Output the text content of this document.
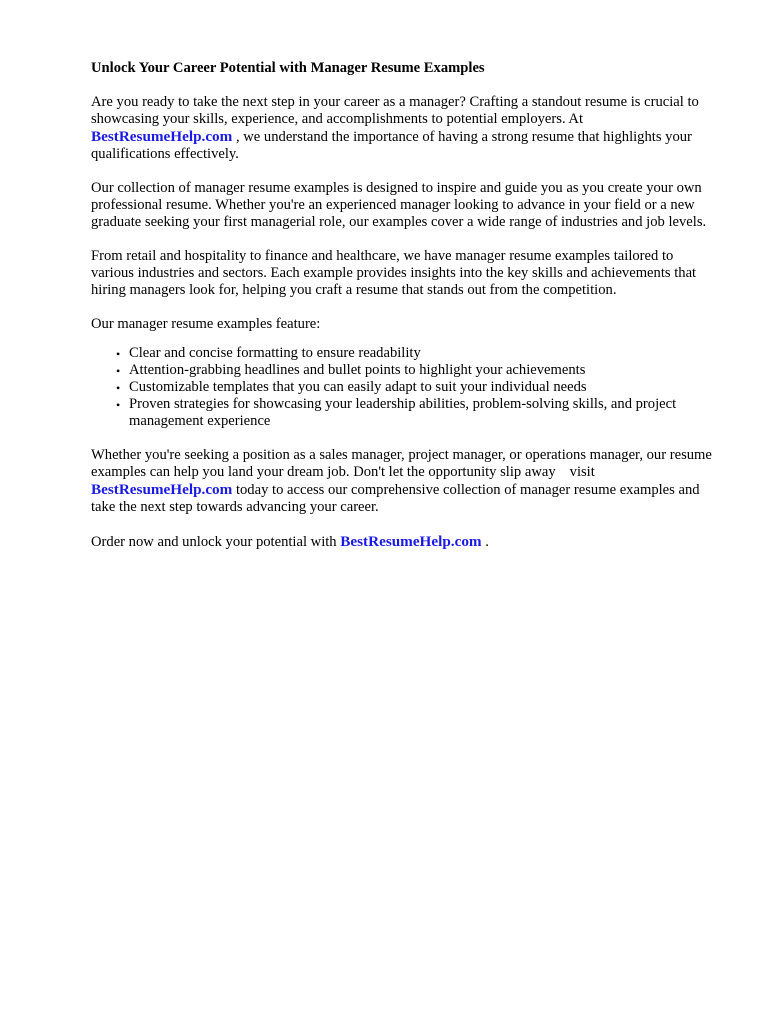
Unlock Your Career Potential with Manager Resume Examples

Are you ready to take the next step in your career as a manager? Crafting a standout resume is crucial to showcasing your skills, experience, and accomplishments to potential employers. At BestResumeHelp.com , we understand the importance of having a strong resume that highlights your qualifications effectively.

Our collection of manager resume examples is designed to inspire and guide you as you create your own professional resume. Whether you're an experienced manager looking to advance in your field or a new graduate seeking your first managerial role, our examples cover a wide range of industries and job levels.

From retail and hospitality to finance and healthcare, we have manager resume examples tailored to various industries and sectors. Each example provides insights into the key skills and achievements that hiring managers look for, helping you craft a resume that stands out from the competition.

Our manager resume examples feature:

• Clear and concise formatting to ensure readability
• Attention-grabbing headlines and bullet points to highlight your achievements
• Customizable templates that you can easily adapt to suit your individual needs
• Proven strategies for showcasing your leadership abilities, problem-solving skills, and project management experience

Whether you're seeking a position as a sales manager, project manager, or operations manager, our resume examples can help you land your dream job. Don't let the opportunity slip away visit
BestResumeHelp.com today to access our comprehensive collection of manager resume examples and take the next step towards advancing your career.

Order now and unlock your potential with BestResumeHelp.com .
